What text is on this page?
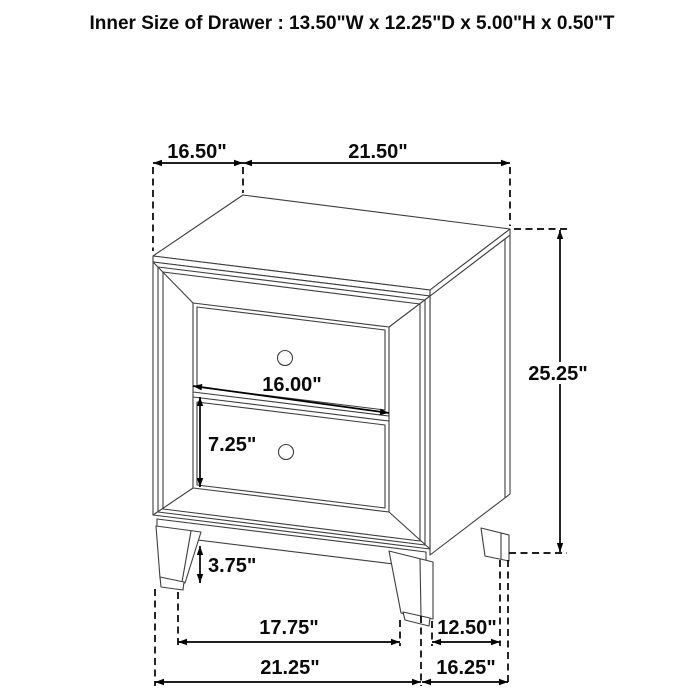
16.50"	21.50"
25.25"
16.00"
7.25"
3.75"
17.75"
21.25"
12.50"
16.25"
Inner Size of Drawer : 13.50"W x 12.25"D x 5.00"H x 0.50"T
